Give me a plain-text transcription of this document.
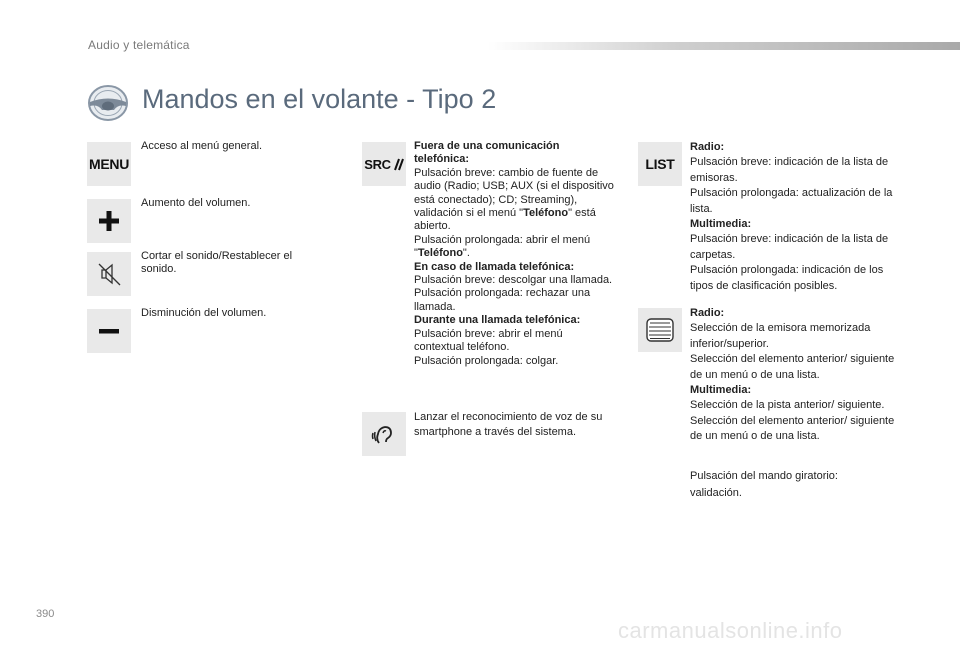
Audio y telemática
Mandos en el volante - Tipo 2
MENU
Acceso al menú general.
Aumento del volumen.
Cortar el sonido/Restablecer el sonido.
Disminución del volumen.
SRC

Fuera de una comunicación telefónica:

Pulsación breve: cambio de fuente de audio (Radio; USB; AUX (si el dispositivo está conectado); CD; Streaming), validación si el menú "Teléfono" está abierto.

Pulsación prolongada: abrir el menú "Teléfono".

En caso de llamada telefónica:

Pulsación breve: descolgar una llamada.

Pulsación prolongada: rechazar una llamada.

Durante una llamada telefónica:

Pulsación breve: abrir el menú contextual teléfono.

Pulsación prolongada: colgar.

Lanzar el reconocimiento de voz de su smartphone a través del sistema.
LIST

Radio:

Pulsación breve: indicación de la lista de emisoras.

Pulsación prolongada: actualización de la lista.

Multimedia:

Pulsación breve: indicación de la lista de carpetas.

Pulsación prolongada: indicación de los tipos de clasificación posibles.

Radio:

Selección de la emisora memorizada inferior/superior.

Selección del elemento anterior/ siguiente de un menú o de una lista.

Multimedia:

Selección de la pista anterior/ siguiente.

Selección del elemento anterior/ siguiente de un menú o de una lista.

Pulsación del mando giratorio: validación.
390
carmanualsonline.info
